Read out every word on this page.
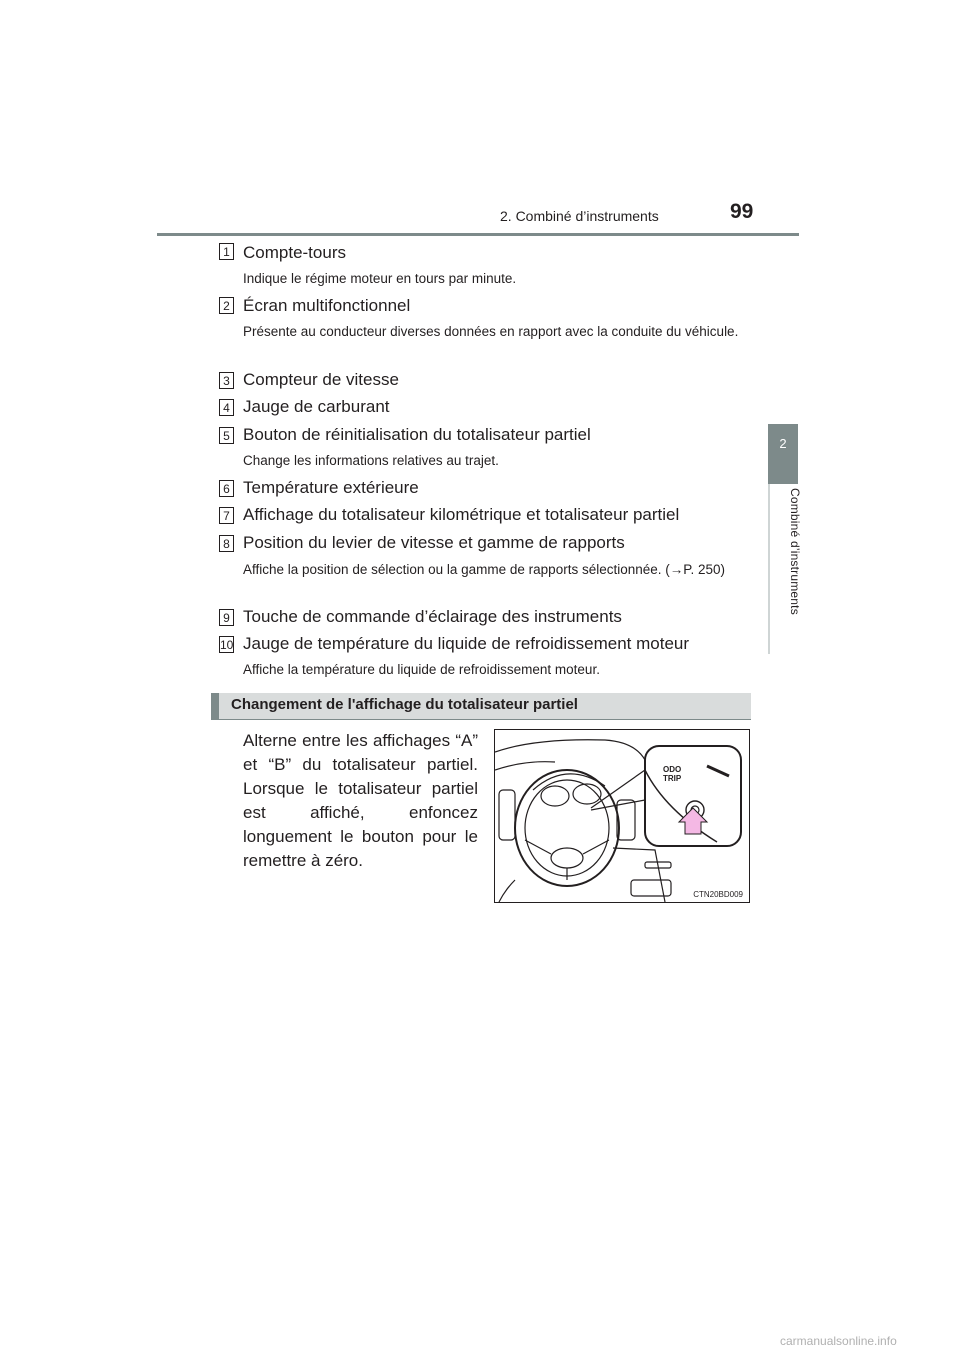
2. Combiné d’instruments	99
2
Combiné d’instruments
1 Compte-tours
Indique le régime moteur en tours par minute.
2 Écran multifonctionnel
Présente au conducteur diverses données en rapport avec la conduite du véhicule.
3 Compteur de vitesse
4 Jauge de carburant
5 Bouton de réinitialisation du totalisateur partiel
Change les informations relatives au trajet.
6 Température extérieure
7 Affichage du totalisateur kilométrique et totalisateur partiel
8 Position du levier de vitesse et gamme de rapports
Affiche la position de sélection ou la gamme de rapports sélectionnée. (→P. 250)
9 Touche de commande d’éclairage des instruments
10 Jauge de température du liquide de refroidissement moteur
Affiche la température du liquide de refroidissement moteur.
Changement de l'affichage du totalisateur partiel
Alterne entre les affichages “A” et “B” du totalisateur partiel. Lorsque le totalisateur partiel est affiché, enfoncez longuement le bouton pour le remettre à zéro.
ODO
TRIP
CTN20BD009
carmanualsonline.info
